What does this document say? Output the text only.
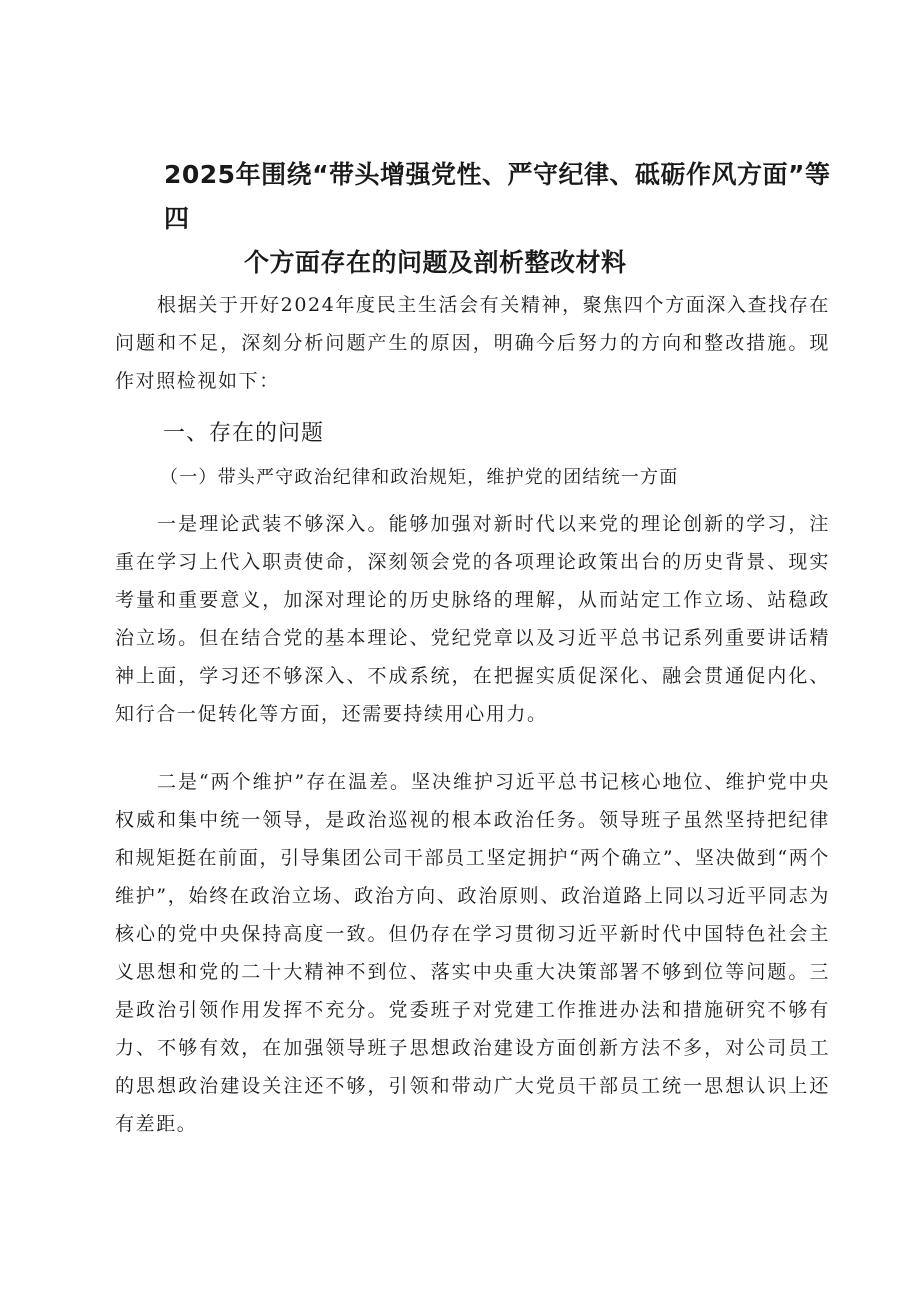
2025年围绕“带头增强党性、严守纪律、砥砺作风方面”等四
个方面存在的问题及剖析整改材料

根据关于开好2024年度民主生活会有关精神，聚焦四个方面深入查找存在问题和不足，深刻分析问题产生的原因，明确今后努力的方向和整改措施。现作对照检视如下：

一、存在的问题
（一）带头严守政治纪律和政治规矩，维护党的团结统一方面

一是理论武装不够深入。能够加强对新时代以来党的理论创新的学习，注重在学习上代入职责使命，深刻领会党的各项理论政策出台的历史背景、现实考量和重要意义，加深对理论的历史脉络的理解，从而站定工作立场、站稳政治立场。但在结合党的基本理论、党纪党章以及习近平总书记系列重要讲话精神上面，学习还不够深入、不成系统，在把握实质促深化、融会贯通促内化、知行合一促转化等方面，还需要持续用心用力。

二是“两个维护”存在温差。坚决维护习近平总书记核心地位、维护党中央权威和集中统一领导，是政治巡视的根本政治任务。领导班子虽然坚持把纪律和规矩挺在前面，引导集团公司干部员工坚定拥护“两个确立”、坚决做到“两个维护”，始终在政治立场、政治方向、政治原则、政治道路上同以习近平同志为核心的党中央保持高度一致。但仍存在学习贯彻习近平新时代中国特色社会主义思想和党的二十大精神不到位、落实中央重大决策部署不够到位等问题。三是政治引领作用发挥不充分。党委班子对党建工作推进办法和措施研究不够有力、不够有效，在加强领导班子思想政治建设方面创新方法不多，对公司员工的思想政治建设关注还不够，引领和带动广大党员干部员工统一思想认识上还有差距。
